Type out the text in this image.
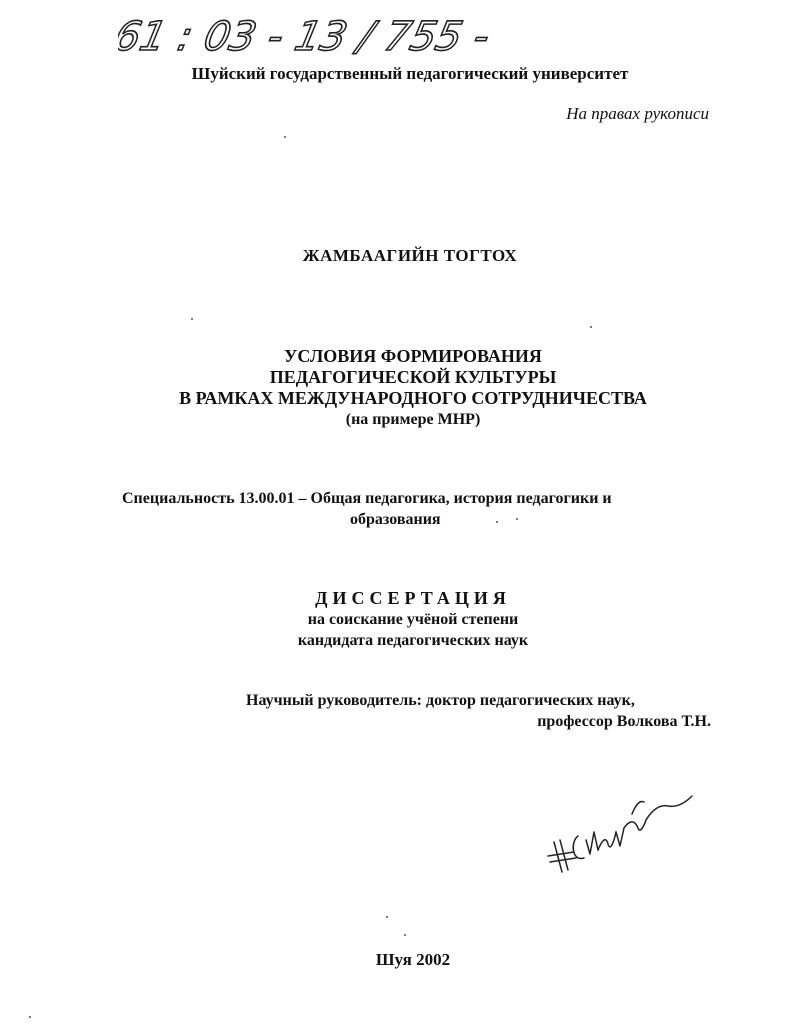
61 : 03 - 13 / 755 - 3
Шуйский государственный педагогический университет
На правах рукописи
ЖАМБААГИЙН ТОГТОХ
УСЛОВИЯ ФОРМИРОВАНИЯ
ПЕДАГОГИЧЕСКОЙ КУЛЬТУРЫ
В РАМКАХ МЕЖДУНАРОДНОГО СОТРУДНИЧЕСТВА
(на примере МНР)
Специальность 13.00.01 – Общая педагогика, история педагогики и
образования
ДИССЕРТАЦИЯ
на соискание учёной степени
кандидата педагогических наук
Научный руководитель: доктор педагогических наук,
профессор Волкова Т.Н.
Шуя 2002
